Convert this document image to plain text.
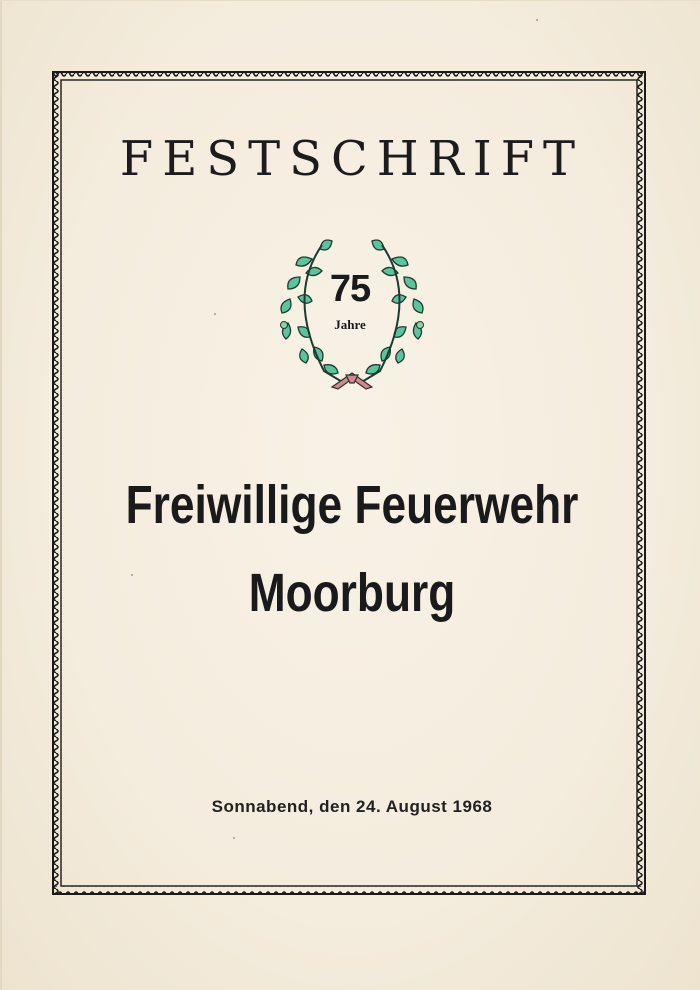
FESTSCHRIFT
75
Jahre
Freiwillige Feuerwehr
Moorburg
Sonnabend, den 24. August 1968
